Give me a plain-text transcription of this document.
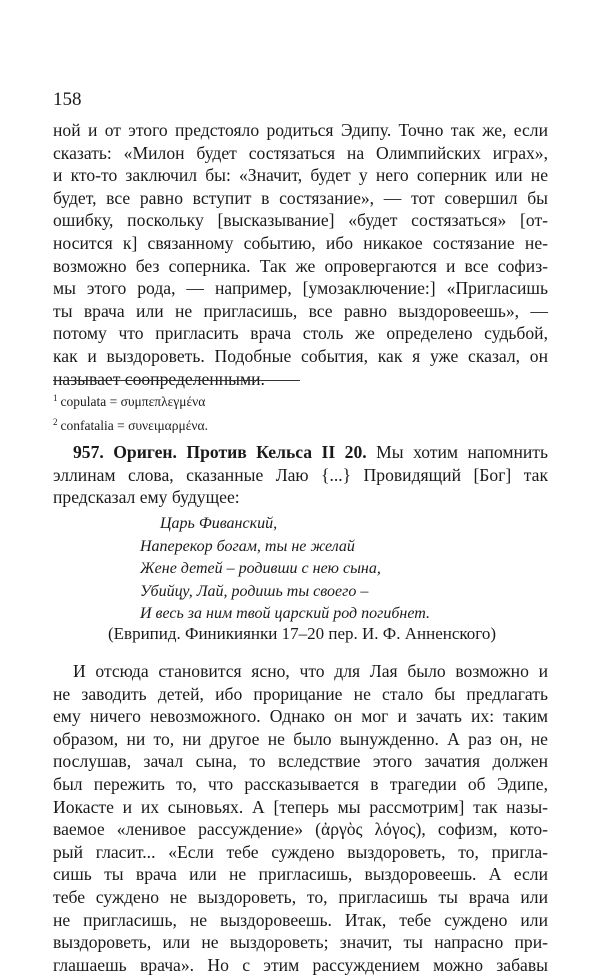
158
ной и от этого предстояло родиться Эдипу. Точно так же, если
сказать: «Милон будет состязаться на Олимпийских играх»,
и кто-то заключил бы: «Значит, будет у него соперник или не
будет, все равно вступит в состязание», — тот совершил бы
ошибку, поскольку [высказывание] «будет состязаться» [от-
носится к] связанному событию, ибо никакое состязание не-
возможно без соперника. Так же опровергаются и все софиз-
мы этого рода, — например, [умозаключение:] «Пригласишь
ты врача или не пригласишь, все равно выздоровеешь», —
потому что пригласить врача столь же определено судьбой,
как и выздороветь. Подобные события, как я уже сказал, он
называет соопределенными.
$^1$ copulata = συμπεπλεγμένα
$^2$ confatalia = συνειμαρμένα.
957. Ориген. Против Кельса II 20. Мы хотим напомнить
эллинам слова, сказанные Лаю {...} Провидящий [Бог] так
предсказал ему будущее:
Царь Фиванский,
Наперекор богам, ты не желай
Жене детей – родивши с нею сына,
Убийцу, Лай, родишь ты своего –
И весь за ним твой царский род погибнет.
(Еврипид. Финикиянки 17–20 пер. И. Ф. Анненского)
И отсюда становится ясно, что для Лая было возможно и
не заводить детей, ибо прорицание не стало бы предлагать
ему ничего невозможного. Однако он мог и зачать их: таким
образом, ни то, ни другое не было вынужденно. А раз он, не
послушав, зачал сына, то вследствие этого зачатия должен
был пережить то, что рассказывается в трагедии об Эдипе,
Иокасте и их сыновьях. А [теперь мы рассмотрим] так назы-
ваемое «ленивое рассуждение» (ἀργὸς λόγος), софизм, кото-
рый гласит... «Если тебе суждено выздороветь, то, пригла-
сишь ты врача или не пригласишь, выздоровеешь. А если
тебе суждено не выздороветь, то, пригласишь ты врача или
не пригласишь, не выздоровеешь. Итак, тебе суждено или
выздороветь, или не выздороветь; значит, ты напрасно при-
глашаешь врача». Но с этим рассуждением можно забавы
